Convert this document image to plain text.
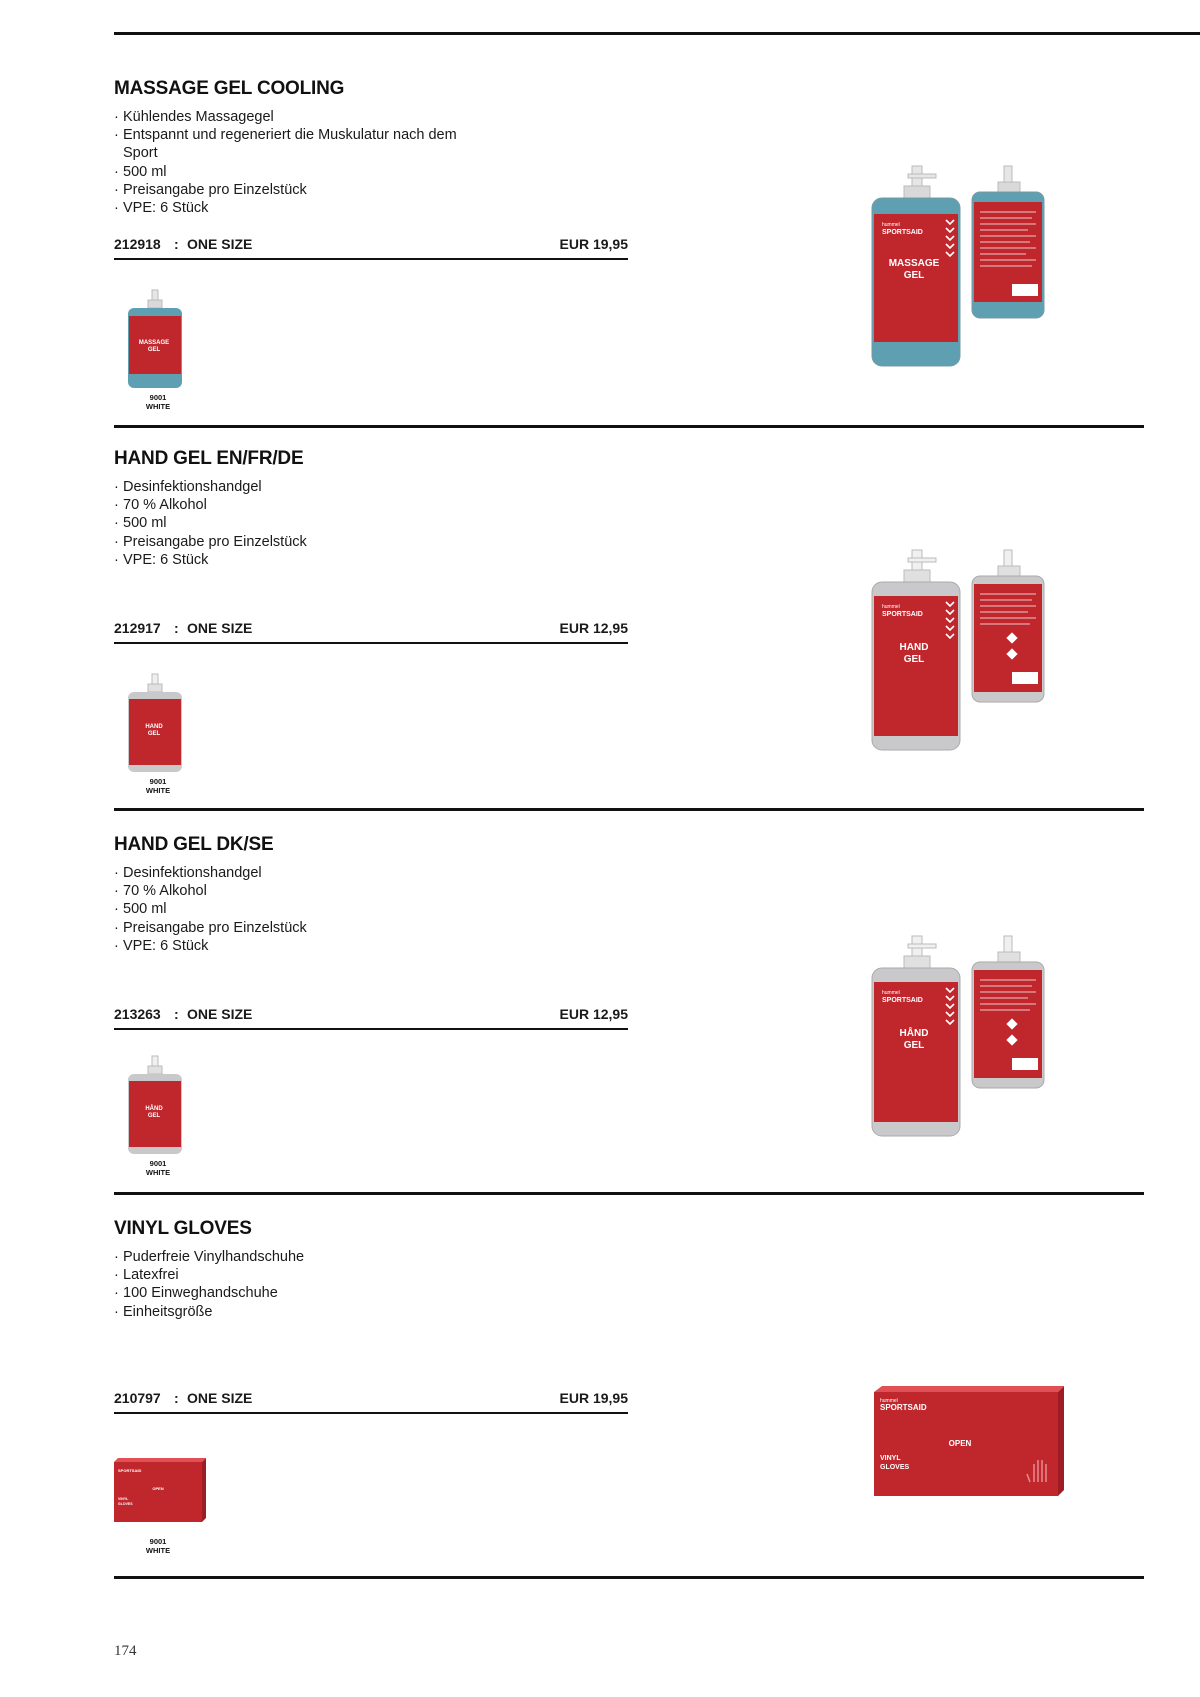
MASSAGE GEL COOLING
· Kühlendes Massagegel
· Entspannt und regeneriert die Muskulatur nach dem Sport
· 500 ml
· Preisangabe pro Einzelstück
· VPE: 6 Stück
212918 : ONE SIZE	EUR 19,95
hummel
SPORTSAID
MASSAGE
GEL
MASSAGE
GEL
9001
WHITE
HAND GEL EN/FR/DE
· Desinfektionshandgel
· 70 % Alkohol
· 500 ml
· Preisangabe pro Einzelstück
· VPE: 6 Stück
212917 : ONE SIZE	EUR 12,95
hummel
SPORTSAID
HAND
GEL
HAND
GEL
9001
WHITE
HAND GEL DK/SE
· Desinfektionshandgel
· 70 % Alkohol
· 500 ml
· Preisangabe pro Einzelstück
· VPE: 6 Stück
213263 : ONE SIZE	EUR 12,95
hummel
SPORTSAID
HÅND
GEL
HÅND
GEL
9001
WHITE
VINYL GLOVES
· Puderfreie Vinylhandschuhe
· Latexfrei
· 100 Einweghandschuhe
· Einheitsgröße
210797 : ONE SIZE	EUR 19,95	hummel
SPORTSAID
OPEN
VINYL
GLOVES
SPORTSAID
OPEN
VINYL
GLOVES
9001
WHITE
174
